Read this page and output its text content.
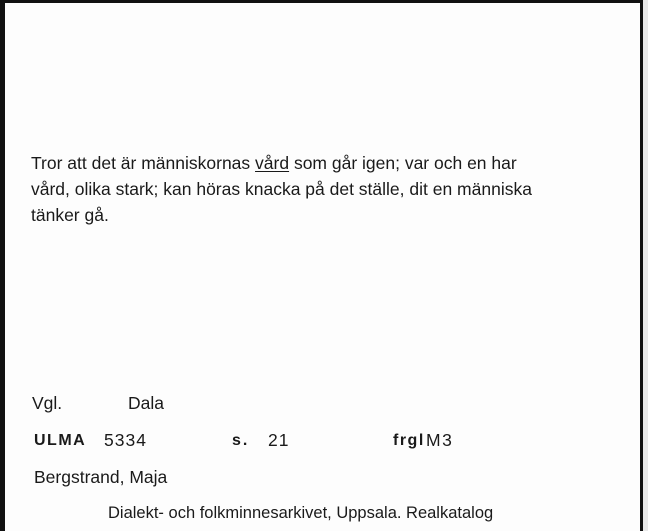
Tror att det är människornas vård som går igen; var och en har
vård, olika stark; kan höras knacka på det ställe, dit en människa
tänker gå.

Vgl.	Dala
ULMA 5334	s. 21	frgl M3
Bergstrand, Maja
Dialekt- och folkminnesarkivet, Uppsala. Realkatalog
